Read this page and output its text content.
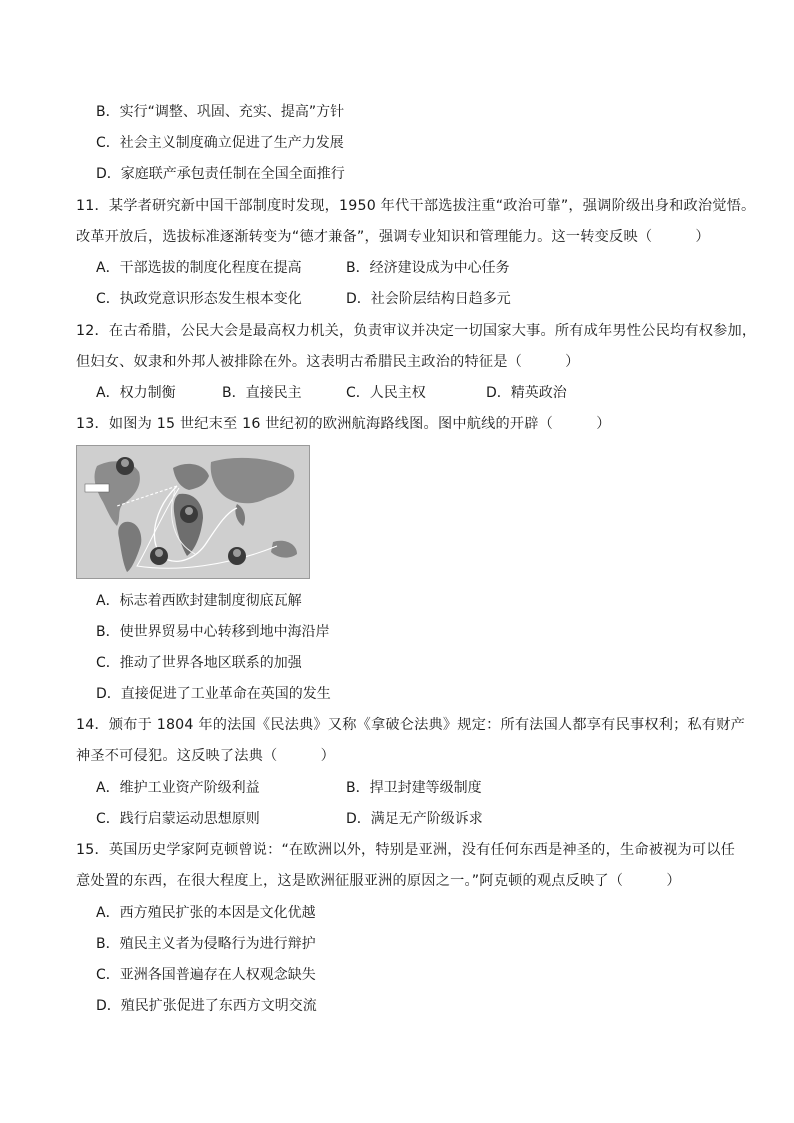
B．实行“调整、巩固、充实、提高”方针
C．社会主义制度确立促进了生产力发展
D．家庭联产承包责任制在全国全面推行
11．某学者研究新中国干部制度时发现，1950 年代干部选拔注重“政治可靠”，强调阶级出身和政治觉悟。
改革开放后，选拔标准逐渐转变为“德才兼备”，强调专业知识和管理能力。这一转变反映（　　　）
A．干部选拔的制度化程度在提高	B．经济建设成为中心任务
C．执政党意识形态发生根本变化	D．社会阶层结构日趋多元
12．在古希腊，公民大会是最高权力机关，负责审议并决定一切国家大事。所有成年男性公民均有权参加，
但妇女、奴隶和外邦人被排除在外。这表明古希腊民主政治的特征是（　　　）
A．权力制衡	B．直接民主	C．人民主权	D．精英政治
13．如图为 15 世纪末至 16 世纪初的欧洲航海路线图。图中航线的开辟（　　　）
A．标志着西欧封建制度彻底瓦解
B．使世界贸易中心转移到地中海沿岸
C．推动了世界各地区联系的加强
D．直接促进了工业革命在英国的发生
14．颁布于 1804 年的法国《民法典》又称《拿破仑法典》规定：所有法国人都享有民事权利；私有财产
神圣不可侵犯。这反映了法典（　　　）
A．维护工业资产阶级利益	B．捍卫封建等级制度
C．践行启蒙运动思想原则	D．满足无产阶级诉求
15．英国历史学家阿克顿曾说：“在欧洲以外，特别是亚洲，没有任何东西是神圣的，生命被视为可以任
意处置的东西，在很大程度上，这是欧洲征服亚洲的原因之一。”阿克顿的观点反映了（　　　）
A．西方殖民扩张的本因是文化优越
B．殖民主义者为侵略行为进行辩护
C．亚洲各国普遍存在人权观念缺失
D．殖民扩张促进了东西方文明交流
